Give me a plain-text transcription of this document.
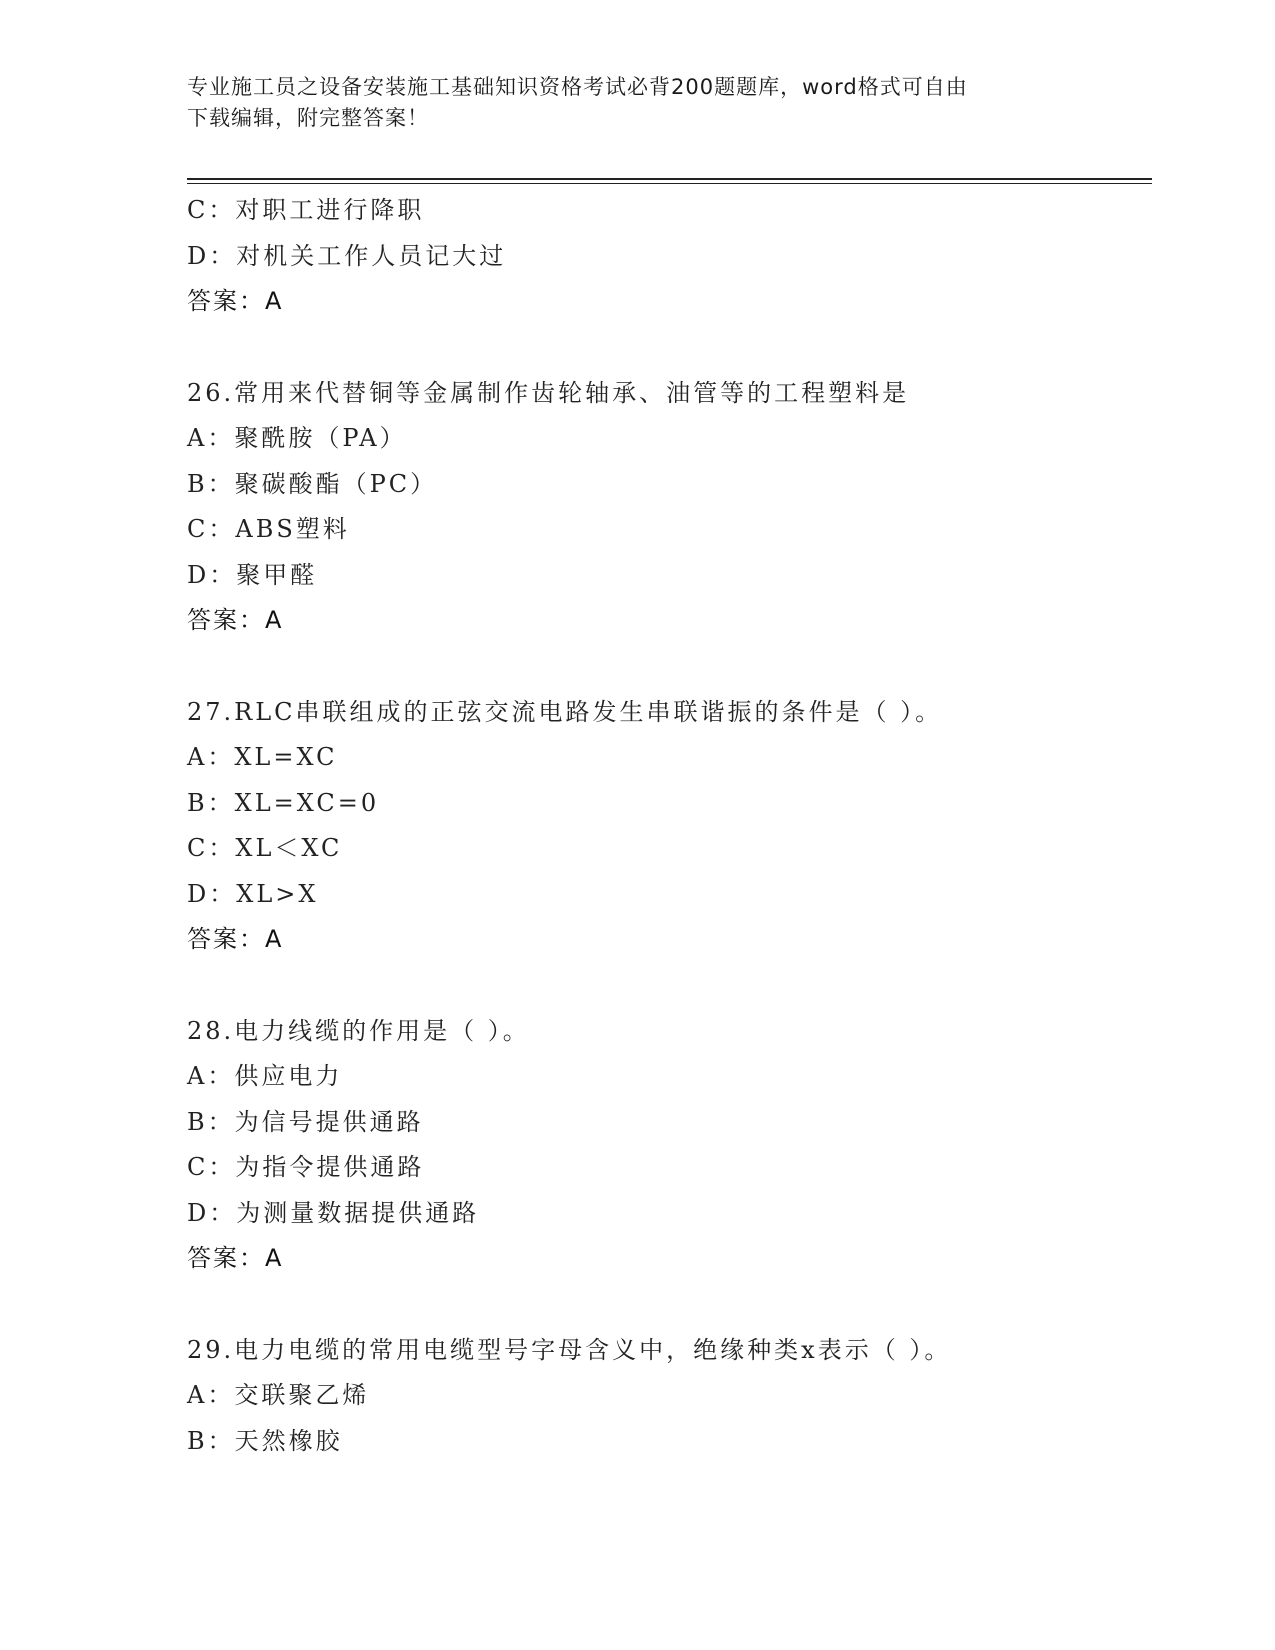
专业施工员之设备安装施工基础知识资格考试必背200题题库，word格式可自由
下载编辑，附完整答案！
C：对职工进行降职
D：对机关工作人员记大过
答案：A
26.常用来代替铜等金属制作齿轮轴承、油管等的工程塑料是
A：聚酰胺（PA）
B：聚碳酸酯（PC）
C：ABS塑料
D：聚甲醛
答案：A
27.RLC串联组成的正弦交流电路发生串联谐振的条件是（ ）。
A：XL=XC
B：XL=XC=0
C：XL＜XC
D：XL>X
答案：A
28.电力线缆的作用是（ ）。
A：供应电力
B：为信号提供通路
C：为指令提供通路
D：为测量数据提供通路
答案：A
29.电力电缆的常用电缆型号字母含义中，绝缘种类x表示（ ）。
A：交联聚乙烯
B：天然橡胶
